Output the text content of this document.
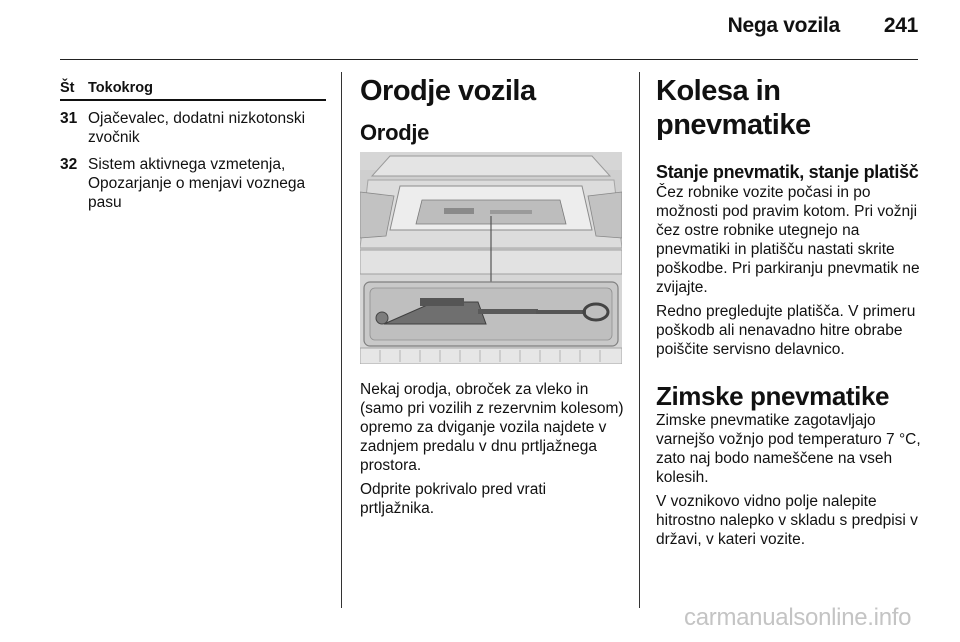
Nega vozila 241
Št Tokokrog
31 Ojačevalec, dodatni nizkotonski zvočnik
32 Sistem aktivnega vzmetenja, Opozarjanje o menjavi voznega pasu
Orodje vozila
Orodje

Nekaj orodja, obroček za vleko in (samo pri vozilih z rezervnim kolesom) opremo za dviganje vozila najdete v zadnjem predalu v dnu prtljažnega prostora.

Odprite pokrivalo pred vrati prtljažnika.

Kolesa in pnevmatike
Stanje pnevmatik, stanje platišč

Čez robnike vozite počasi in po možnosti pod pravim kotom. Pri vožnji čez ostre robnike utegnejo na pnevmatiki in platišču nastati skrite poškodbe. Pri parkiranju pnevmatik ne zvijajte.

Redno pregledujte platišča. V primeru poškodb ali nenavadno hitre obrabe poiščite servisno delavnico.

Zimske pnevmatike

Zimske pnevmatike zagotavljajo varnejšo vožnjo pod temperaturo 7 °C, zato naj bodo nameščene na vseh kolesih.

V voznikovo vidno polje nalepite hitrostno nalepko v skladu s predpisi v državi, v kateri vozite.

carmanualsonline.info
